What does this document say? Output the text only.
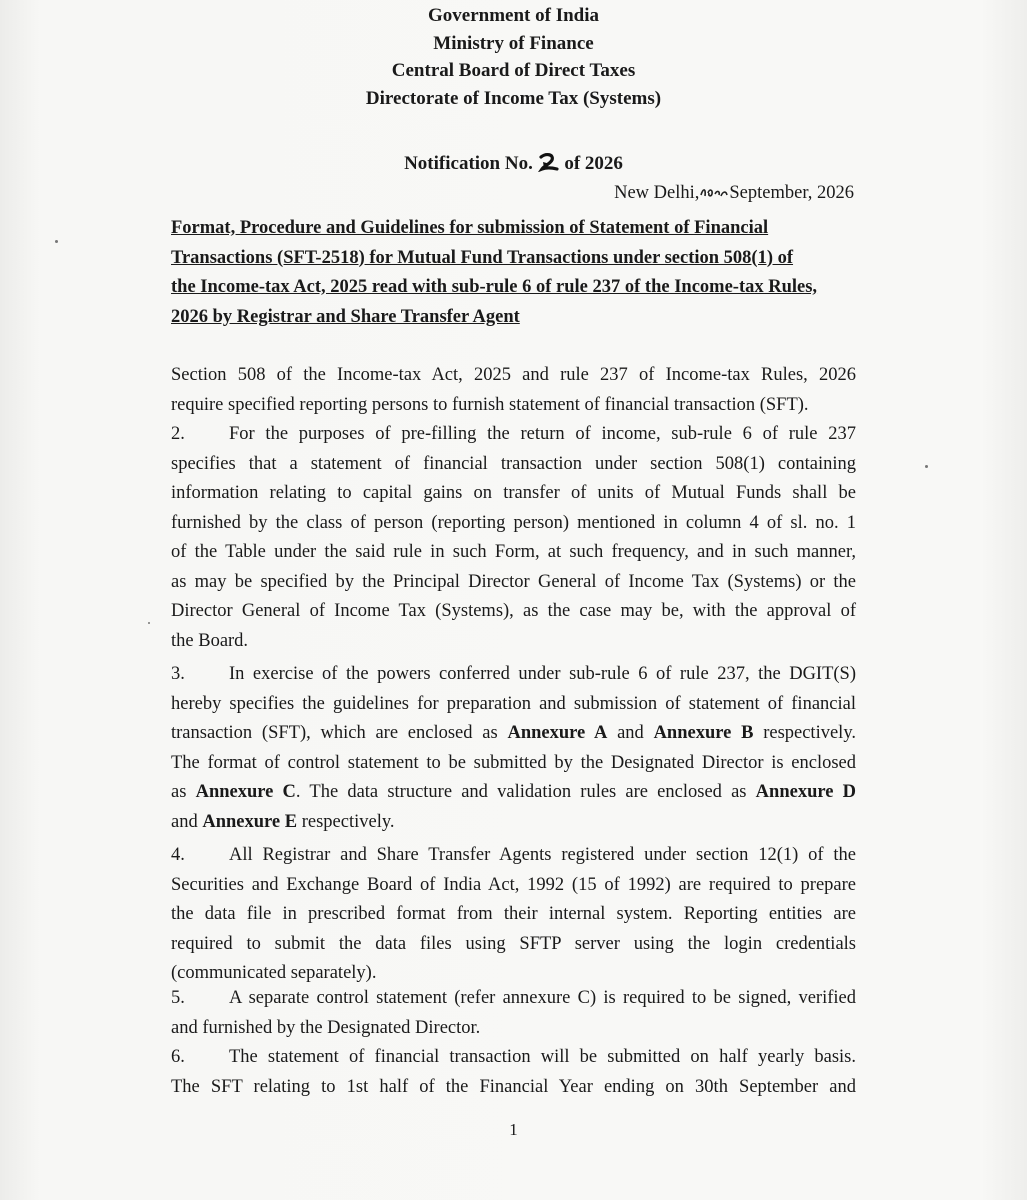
Government of India
Ministry of Finance
Central Board of Direct Taxes
Directorate of Income Tax (Systems)
Notification No. of 2026
New Delhi, September, 2026
Format, Procedure and Guidelines for submission of Statement of Financial
Transactions (SFT-2518) for Mutual Fund Transactions under section 508(1) of
the Income-tax Act, 2025 read with sub-rule 6 of rule 237 of the Income-tax Rules,
2026 by Registrar and Share Transfer Agent
Section 508 of the Income-tax Act, 2025 and rule 237 of Income-tax Rules, 2026
require specified reporting persons to furnish statement of financial transaction (SFT).
2. For the purposes of pre-filling the return of income, sub-rule 6 of rule 237
specifies that a statement of financial transaction under section 508(1) containing
information relating to capital gains on transfer of units of Mutual Funds shall be
furnished by the class of person (reporting person) mentioned in column 4 of sl. no. 1
of the Table under the said rule in such Form, at such frequency, and in such manner,
as may be specified by the Principal Director General of Income Tax (Systems) or the
Director General of Income Tax (Systems), as the case may be, with the approval of
the Board.
3. In exercise of the powers conferred under sub-rule 6 of rule 237, the DGIT(S)
hereby specifies the guidelines for preparation and submission of statement of financial
transaction (SFT), which are enclosed as Annexure A and Annexure B respectively.
The format of control statement to be submitted by the Designated Director is enclosed
as Annexure C. The data structure and validation rules are enclosed as Annexure D
and Annexure E respectively.
4. All Registrar and Share Transfer Agents registered under section 12(1) of the
Securities and Exchange Board of India Act, 1992 (15 of 1992) are required to prepare
the data file in prescribed format from their internal system. Reporting entities are
required to submit the data files using SFTP server using the login credentials
(communicated separately).
5. A separate control statement (refer annexure C) is required to be signed, verified
and furnished by the Designated Director.
6. The statement of financial transaction will be submitted on half yearly basis.
The SFT relating to 1st half of the Financial Year ending on 30th September and
1
